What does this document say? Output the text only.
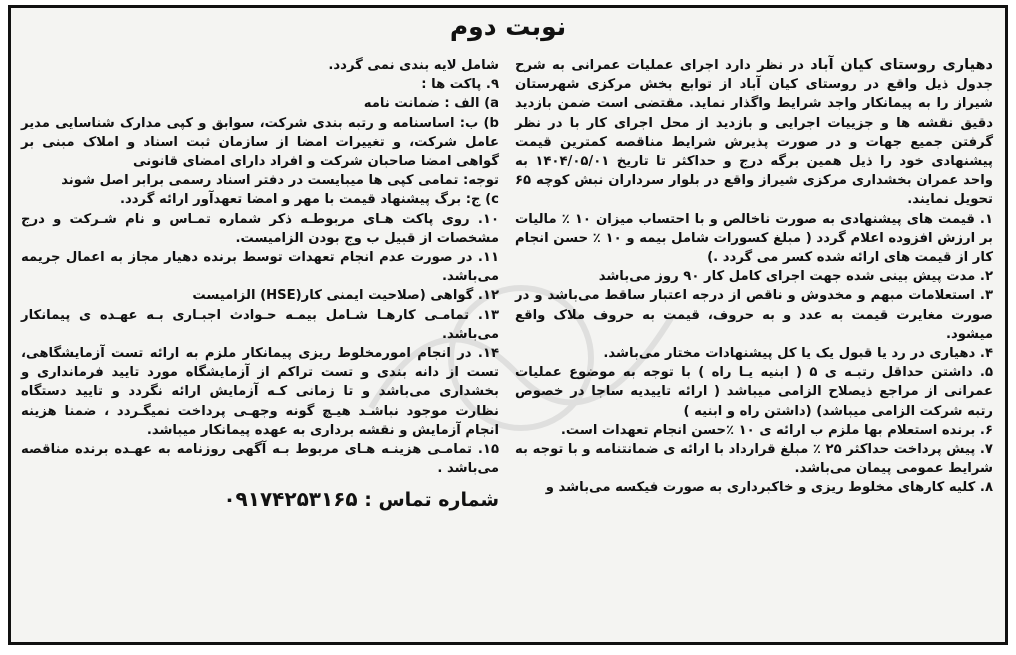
نوبت دوم

دهیاری روستای کیان آباد در نظر دارد اجرای عملیات عمرانی به شرح جدول ذیل واقع در روستای کیان آباد از توابع بخش مرکزی شهرستان شیراز را به پیمانکار واجد شرایط واگذار نماید. مقتضی است ضمن بازدید دقیق نقشه ها و جزییات اجرایی و بازدید از محل اجرای کار با در نظر گرفتن جمیع جهات و در صورت پذیرش شرایط مناقصه کمترین قیمت پیشنهادی خود را ذیل همین برگه درج و حداکثر تا تاریخ ۱۴۰۴/۰۵/۰۱ به واحد عمران بخشداری مرکزی شیراز واقع در بلوار سرداران نبش کوچه ۶۵ تحویل نمایند.

۱. قیمت های پیشنهادی به صورت ناخالص و با احتساب میزان ۱۰ ٪ مالیات بر ارزش افزوده اعلام گردد ( مبلغ کسورات شامل بیمه و ۱۰ ٪ حسن انجام کار از قیمت های ارائه شده کسر می گردد .)

۲. مدت پیش بینی شده جهت اجرای کامل کار ۹۰ روز می‌باشد

۳. استعلامات مبهم و مخدوش و ناقص از درجه اعتبار ساقط می‌باشد و در صورت مغایرت قیمت به عدد و به حروف، قیمت به حروف ملاک واقع میشود.

۴. دهیاری در رد یا قبول یک یا کل پیشنهادات مختار می‌باشد.

۵. داشتن حداقل رتبـه ی ۵ ( ابنیه یـا راه ) با توجه به موضوع عملیات عمرانی از مراجع ذیصلاح الزامی میباشد ( ارائه تاییدیه ساجا در خصوص رتبه شرکت الزامی میباشد) (داشتن راه و ابنیه )

۶. برنده استعلام بها ملزم ب ارائه ی ۱۰ ٪حسن انجام تعهدات است.

۷. پیش پرداخت حداکثر ۲۵ ٪ مبلغ قرارداد با ارائه ی ضمانتنامه و با توجه به شرایط عمومی پیمان می‌باشد.

۸. کلیه کارهای مخلوط ریزی و خاکبرداری به صورت فیکسه می‌باشد و

شامل لایه بندی نمی گردد.

۹. پاکت ها :

a) الف : ضمانت نامه

b) ب: اساسنامه و رتبه بندی شرکت، سوابق و کپی مدارک شناسایی مدیر عامل شرکت، و تغییرات امضا از سازمان ثبت اسناد و املاک مبنی بر گواهی امضا صاحبان شرکت و افراد دارای امضای قانونی

توجه: تمامی کپی ها میبایست در دفتر اسناد رسمی برابر اصل شوند

c) ج: برگ پیشنهاد قیمت با مهر و امضا تعهدآور ارائه گردد.

۱۰. روی پاکت هـای مربوطـه ذکر شماره تمـاس و نام شـرکت و درج مشخصات از قبیل ب وج بودن الزامیست.

۱۱. در صورت عدم انجام تعهدات توسط برنده دهیار مجاز به اعمال جریمه می‌باشد.

۱۲. گواهی (صلاحیت ایمنی کار(HSE) الزامیست

۱۳. تمامـی کارهـا شـامل بیمـه حـوادث اجبـاری بـه عهـده ی پیمانکار می‌باشد.

۱۴. در انجام امورمخلوط ریزی پیمانکار ملزم به ارائه تست آزمایشگاهی، تست از دانه بندی و تست تراکم از آزمایشگاه مورد تایید فرمانداری و بخشداری می‌باشد و تا زمانی کـه آزمایش ارائه نگردد و تایید دستگاه نظارت موجود نباشـد هیـچ گونه وجهـی پرداخت نمیگـردد ، ضمنا هزینه انجام آزمایش و نقشه برداری به عهده پیمانکار میباشد.

۱۵. تمامـی هزینـه هـای مربوط بـه آگهی روزنامه به عهـده برنده مناقصه می‌باشد .

شماره تماس : ۰۹۱۷۴۲۵۳۱۶۵
